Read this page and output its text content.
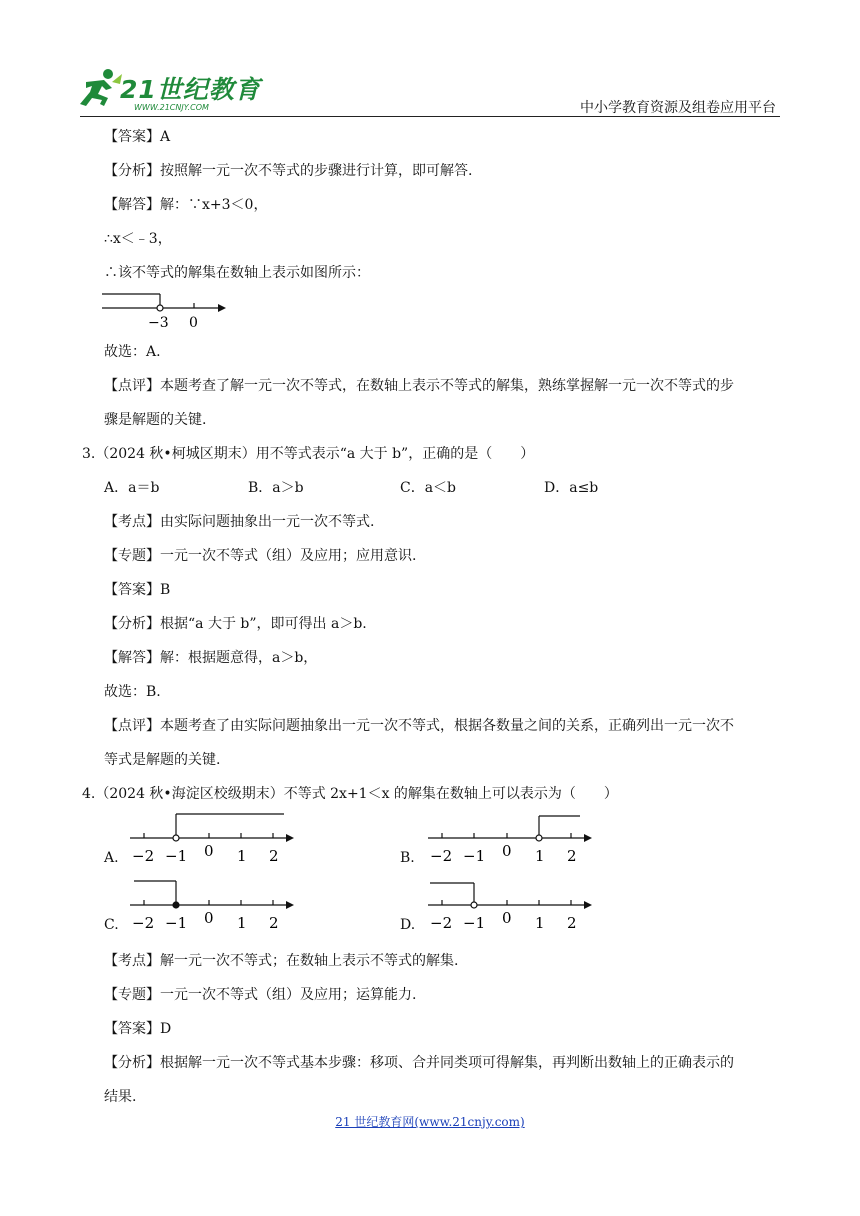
21世纪教育
WWW.21CNJY.COM	中小学教育资源及组卷应用平台
【答案】A
【分析】按照解一元一次不等式的步骤进行计算，即可解答.
【解答】解：∵x+3＜0，
∴x＜﹣3，
∴该不等式的解集在数轴上表示如图所示：
−3 0
故选：A.
【点评】本题考查了解一元一次不等式，在数轴上表示不等式的解集，熟练掌握解一元一次不等式的步
骤是解题的关键.
3.（2024 秋•柯城区期末）用不等式表示“a 大于 b”，正确的是（　　）
A．a＝b	B．a＞b	C．a＜b	D．a≤b
【考点】由实际问题抽象出一元一次不等式.
【专题】一元一次不等式（组）及应用；应用意识.
【答案】B
【分析】根据“a 大于 b”，即可得出 a＞b.
【解答】解：根据题意得，a＞b，
故选：B.
【点评】本题考查了由实际问题抽象出一元一次不等式，根据各数量之间的关系，正确列出一元一次不
等式是解题的关键.
4.（2024 秋•海淀区校级期末）不等式 2x+1＜x 的解集在数轴上可以表示为（　　）
A. −2 −1 0 1 2	B. −2 −1 0 1 2
C. −2 −1 0 1 2	D. −2 −1 0 1 2
【考点】解一元一次不等式；在数轴上表示不等式的解集.
【专题】一元一次不等式（组）及应用；运算能力.
【答案】D
【分析】根据解一元一次不等式基本步骤：移项、合并同类项可得解集，再判断出数轴上的正确表示的
结果.
21 世纪教育网(www.21cnjy.com)
